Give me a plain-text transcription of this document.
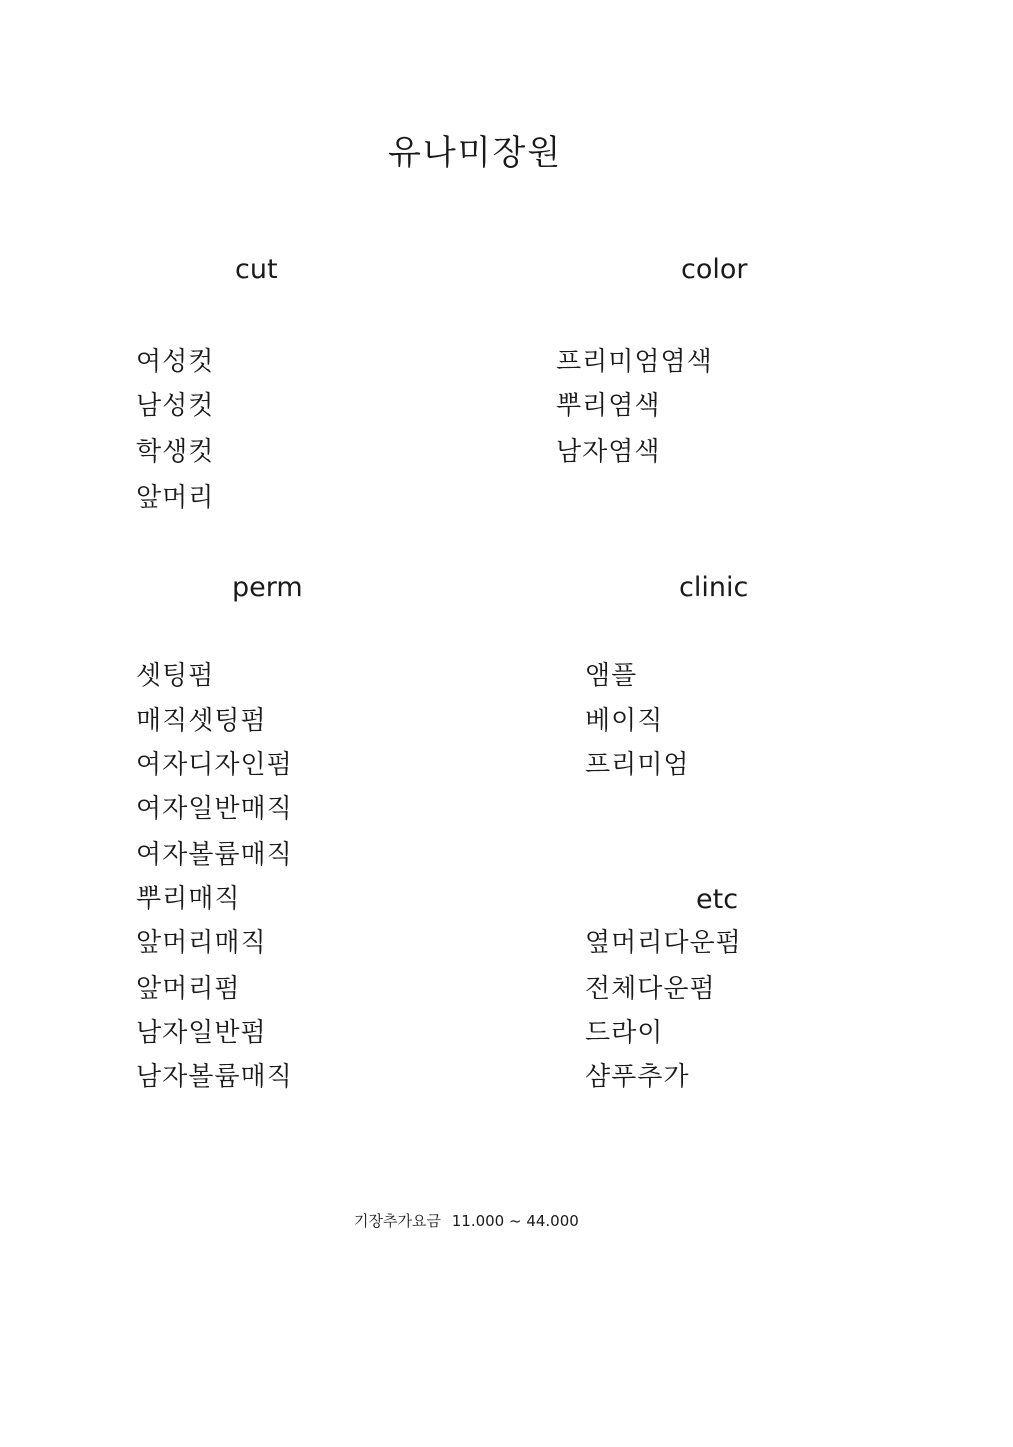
유나미장원
cut
여성컷
남성컷
학생컷
앞머리
color
프리미엄염색
뿌리염색
남자염색
perm
셋팅펌
매직셋팅펌
여자디자인펌
여자일반매직
여자볼륨매직
뿌리매직
앞머리매직
앞머리펌
남자일반펌
남자볼륨매직
clinic
앰플
베이직
프리미엄
etc
옆머리다운펌
전체다운펌
드라이
샴푸추가
기장추가요금 11.000 ~ 44.000
